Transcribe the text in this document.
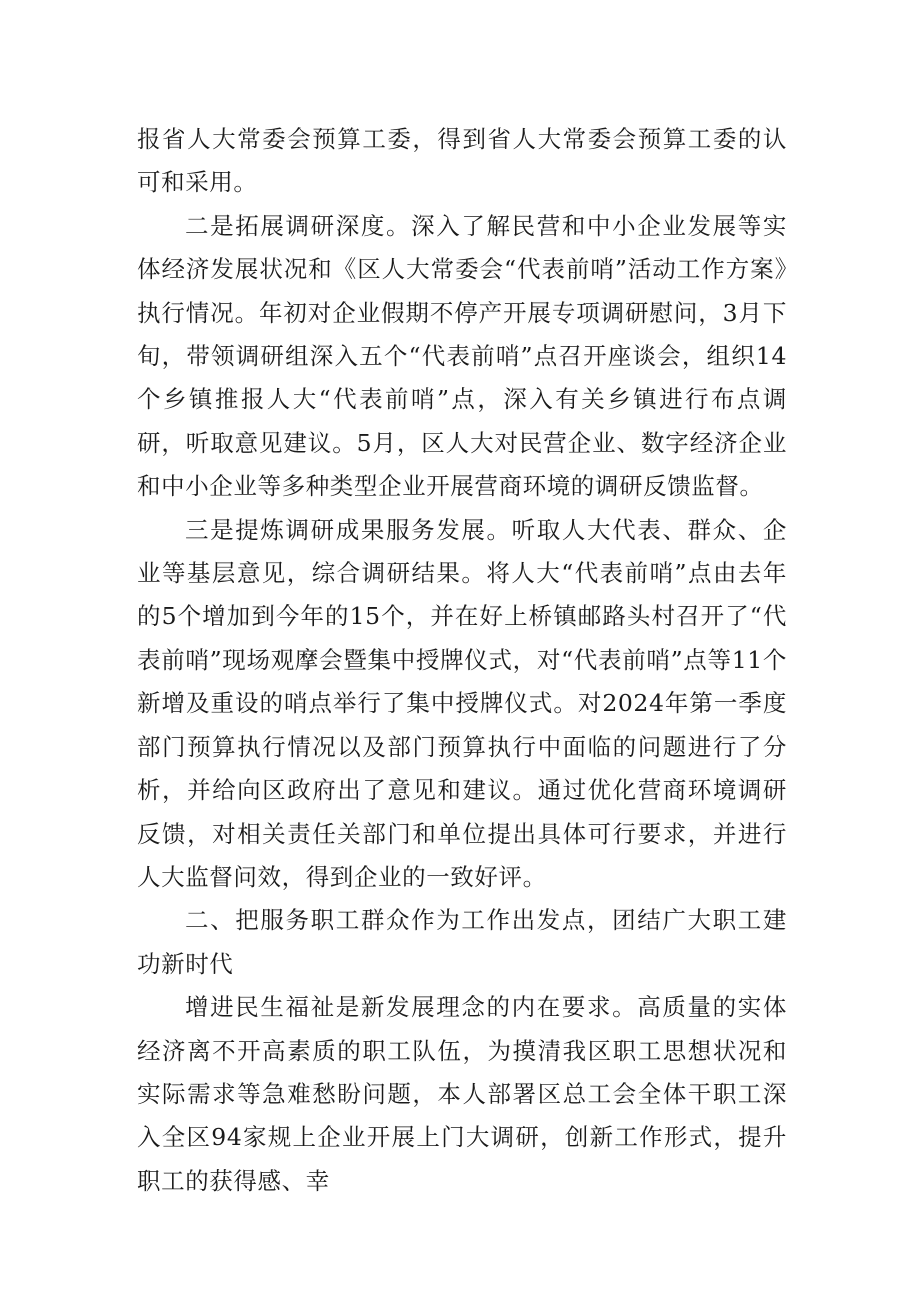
报省人大常委会预算工委，得到省人大常委会预算工委的认可和采用。

二是拓展调研深度。深入了解民营和中小企业发展等实体经济发展状况和《区人大常委会“代表前哨”活动工作方案》执行情况。年初对企业假期不停产开展专项调研慰问，3月下旬，带领调研组深入五个“代表前哨”点召开座谈会，组织14个乡镇推报人大“代表前哨”点，深入有关乡镇进行布点调研，听取意见建议。5月，区人大对民营企业、数字经济企业和中小企业等多种类型企业开展营商环境的调研反馈监督。

三是提炼调研成果服务发展。听取人大代表、群众、企业等基层意见，综合调研结果。将人大“代表前哨”点由去年的5个增加到今年的15个，并在好上桥镇邮路头村召开了“代表前哨”现场观摩会暨集中授牌仪式，对“代表前哨”点等11个新增及重设的哨点举行了集中授牌仪式。对2024年第一季度部门预算执行情况以及部门预算执行中面临的问题进行了分析，并给向区政府出了意见和建议。通过优化营商环境调研反馈，对相关责任关部门和单位提出具体可行要求，并进行人大监督问效，得到企业的一致好评。

二、把服务职工群众作为工作出发点，团结广大职工建功新时代

增进民生福祉是新发展理念的内在要求。高质量的实体经济离不开高素质的职工队伍，为摸清我区职工思想状况和实际需求等急难愁盼问题，本人部署区总工会全体干职工深入全区94家规上企业开展上门大调研，创新工作形式，提升职工的获得感、幸
